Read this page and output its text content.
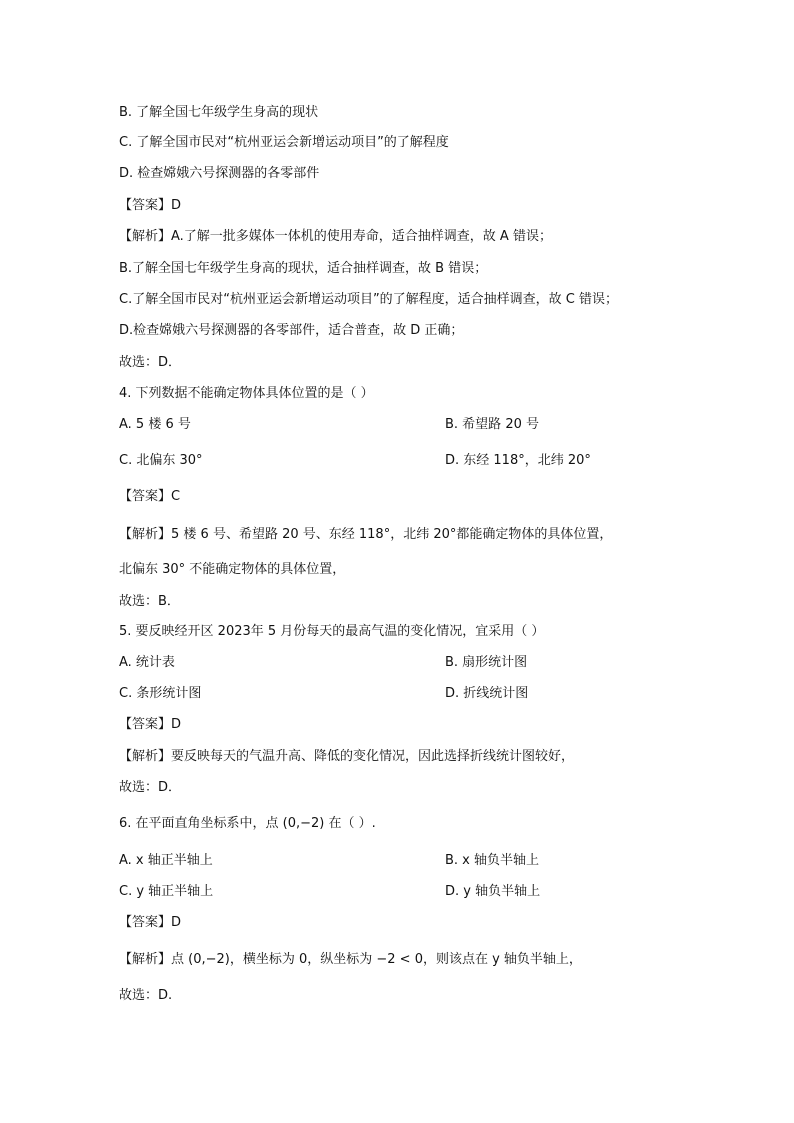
B. 了解全国七年级学生身高的现状
C. 了解全国市民对“杭州亚运会新增运动项目”的了解程度
D. 检查嫦娥六号探测器的各零部件
【答案】D
【解析】A.了解一批多媒体一体机的使用寿命，适合抽样调查，故 A 错误；
B.了解全国七年级学生身高的现状，适合抽样调查，故 B 错误；
C.了解全国市民对“杭州亚运会新增运动项目”的了解程度，适合抽样调查，故 C 错误；
D.检查嫦娥六号探测器的各零部件，适合普查，故 D 正确；
故选：D．
4. 下列数据不能确定物体具体位置的是（ ）
A. 5 楼 6 号	B. 希望路 20 号
C. 北偏东 30°	D. 东经 118°，北纬 20°
【答案】C
【解析】5 楼 6 号、希望路 20 号、东经 118°，北纬 20°都能确定物体的具体位置，
北偏东 30° 不能确定物体的具体位置，
故选：B．
5. 要反映经开区 2023年 5 月份每天的最高气温的变化情况，宜采用（ ）
A. 统计表	B. 扇形统计图
C. 条形统计图	D. 折线统计图
【答案】D
【解析】要反映每天的气温升高、降低的变化情况，因此选择折线统计图较好，
故选：D．
6. 在平面直角坐标系中，点 (0,−2) 在（ ）.
A. x 轴正半轴上	B. x 轴负半轴上
C. y 轴正半轴上	D. y 轴负半轴上
【答案】D
【解析】点 (0,−2)，横坐标为 0，纵坐标为 −2 < 0，则该点在 y 轴负半轴上，
故选：D.
